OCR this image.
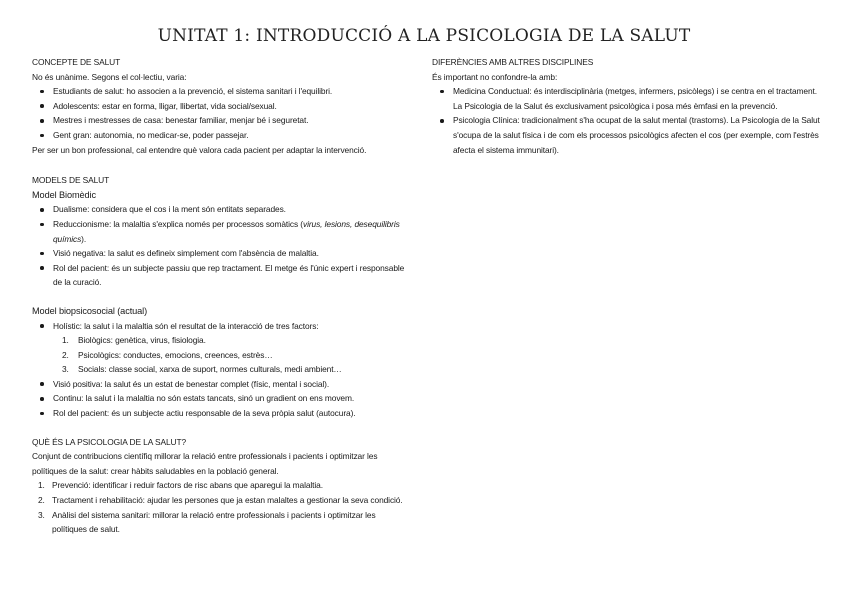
UNITAT 1: INTRODUCCIÓ A LA PSICOLOGIA DE LA SALUT
CONCEPTE DE SALUT
No és unànime. Segons el col·lectiu, varia:
Estudiants de salut: ho associen a la prevenció, el sistema sanitari i l'equilibri.
Adolescents: estar en forma, lligar, llibertat, vida social/sexual.
Mestres i mestresses de casa: benestar familiar, menjar bé i seguretat.
Gent gran: autonomia, no medicar-se, poder passejar.
Per ser un bon professional, cal entendre què valora cada pacient per adaptar la intervenció.
MODELS DE SALUT
Model Biomèdic
Dualisme: considera que el cos i la ment són entitats separades.
Reduccionisme: la malaltia s'explica només per processos somàtics (virus, lesions, desequilibris químics).
Visió negativa: la salut es defineix simplement com l'absència de malaltia.
Rol del pacient: és un subjecte passiu que rep tractament. El metge és l'únic expert i responsable de la curació.
Model biopsicosocial (actual)
Holístic: la salut i la malaltia són el resultat de la interacció de tres factors:
1. Biològics: genètica, virus, fisiologia.
2. Psicològics: conductes, emocions, creences, estrès…
3. Socials: classe social, xarxa de suport, normes culturals, medi ambient…
Visió positiva: la salut és un estat de benestar complet (físic, mental i social).
Continu: la salut i la malaltia no són estats tancats, sinó un gradient on ens movem.
Rol del pacient: és un subjecte actiu responsable de la seva pròpia salut (autocura).
QUÈ ÉS LA PSICOLOGIA DE LA SALUT?
Conjunt de contribucions científiq millorar la relació entre professionals i pacients i optimitzar les polítiques de la salut: crear hàbits saludables en la població general.
1. Prevenció: identificar i reduir factors de risc abans que aparegui la malaltia.
2. Tractament i rehabilitació: ajudar les persones que ja estan malaltes a gestionar la seva condició.
3. Anàlisi del sistema sanitari: millorar la relació entre professionals i pacients i optimitzar les polítiques de salut.
DIFERÈNCIES AMB ALTRES DISCIPLINES
És important no confondre-la amb:
Medicina Conductual: és interdisciplinària (metges, infermers, psicòlegs) i se centra en el tractament. La Psicologia de la Salut és exclusivament psicològica i posa més èmfasi en la prevenció.
Psicologia Clínica: tradicionalment s'ha ocupat de la salut mental (trastorns). La Psicologia de la Salut s'ocupa de la salut física i de com els processos psicològics afecten el cos (per exemple, com l'estrès afecta el sistema immunitari).
